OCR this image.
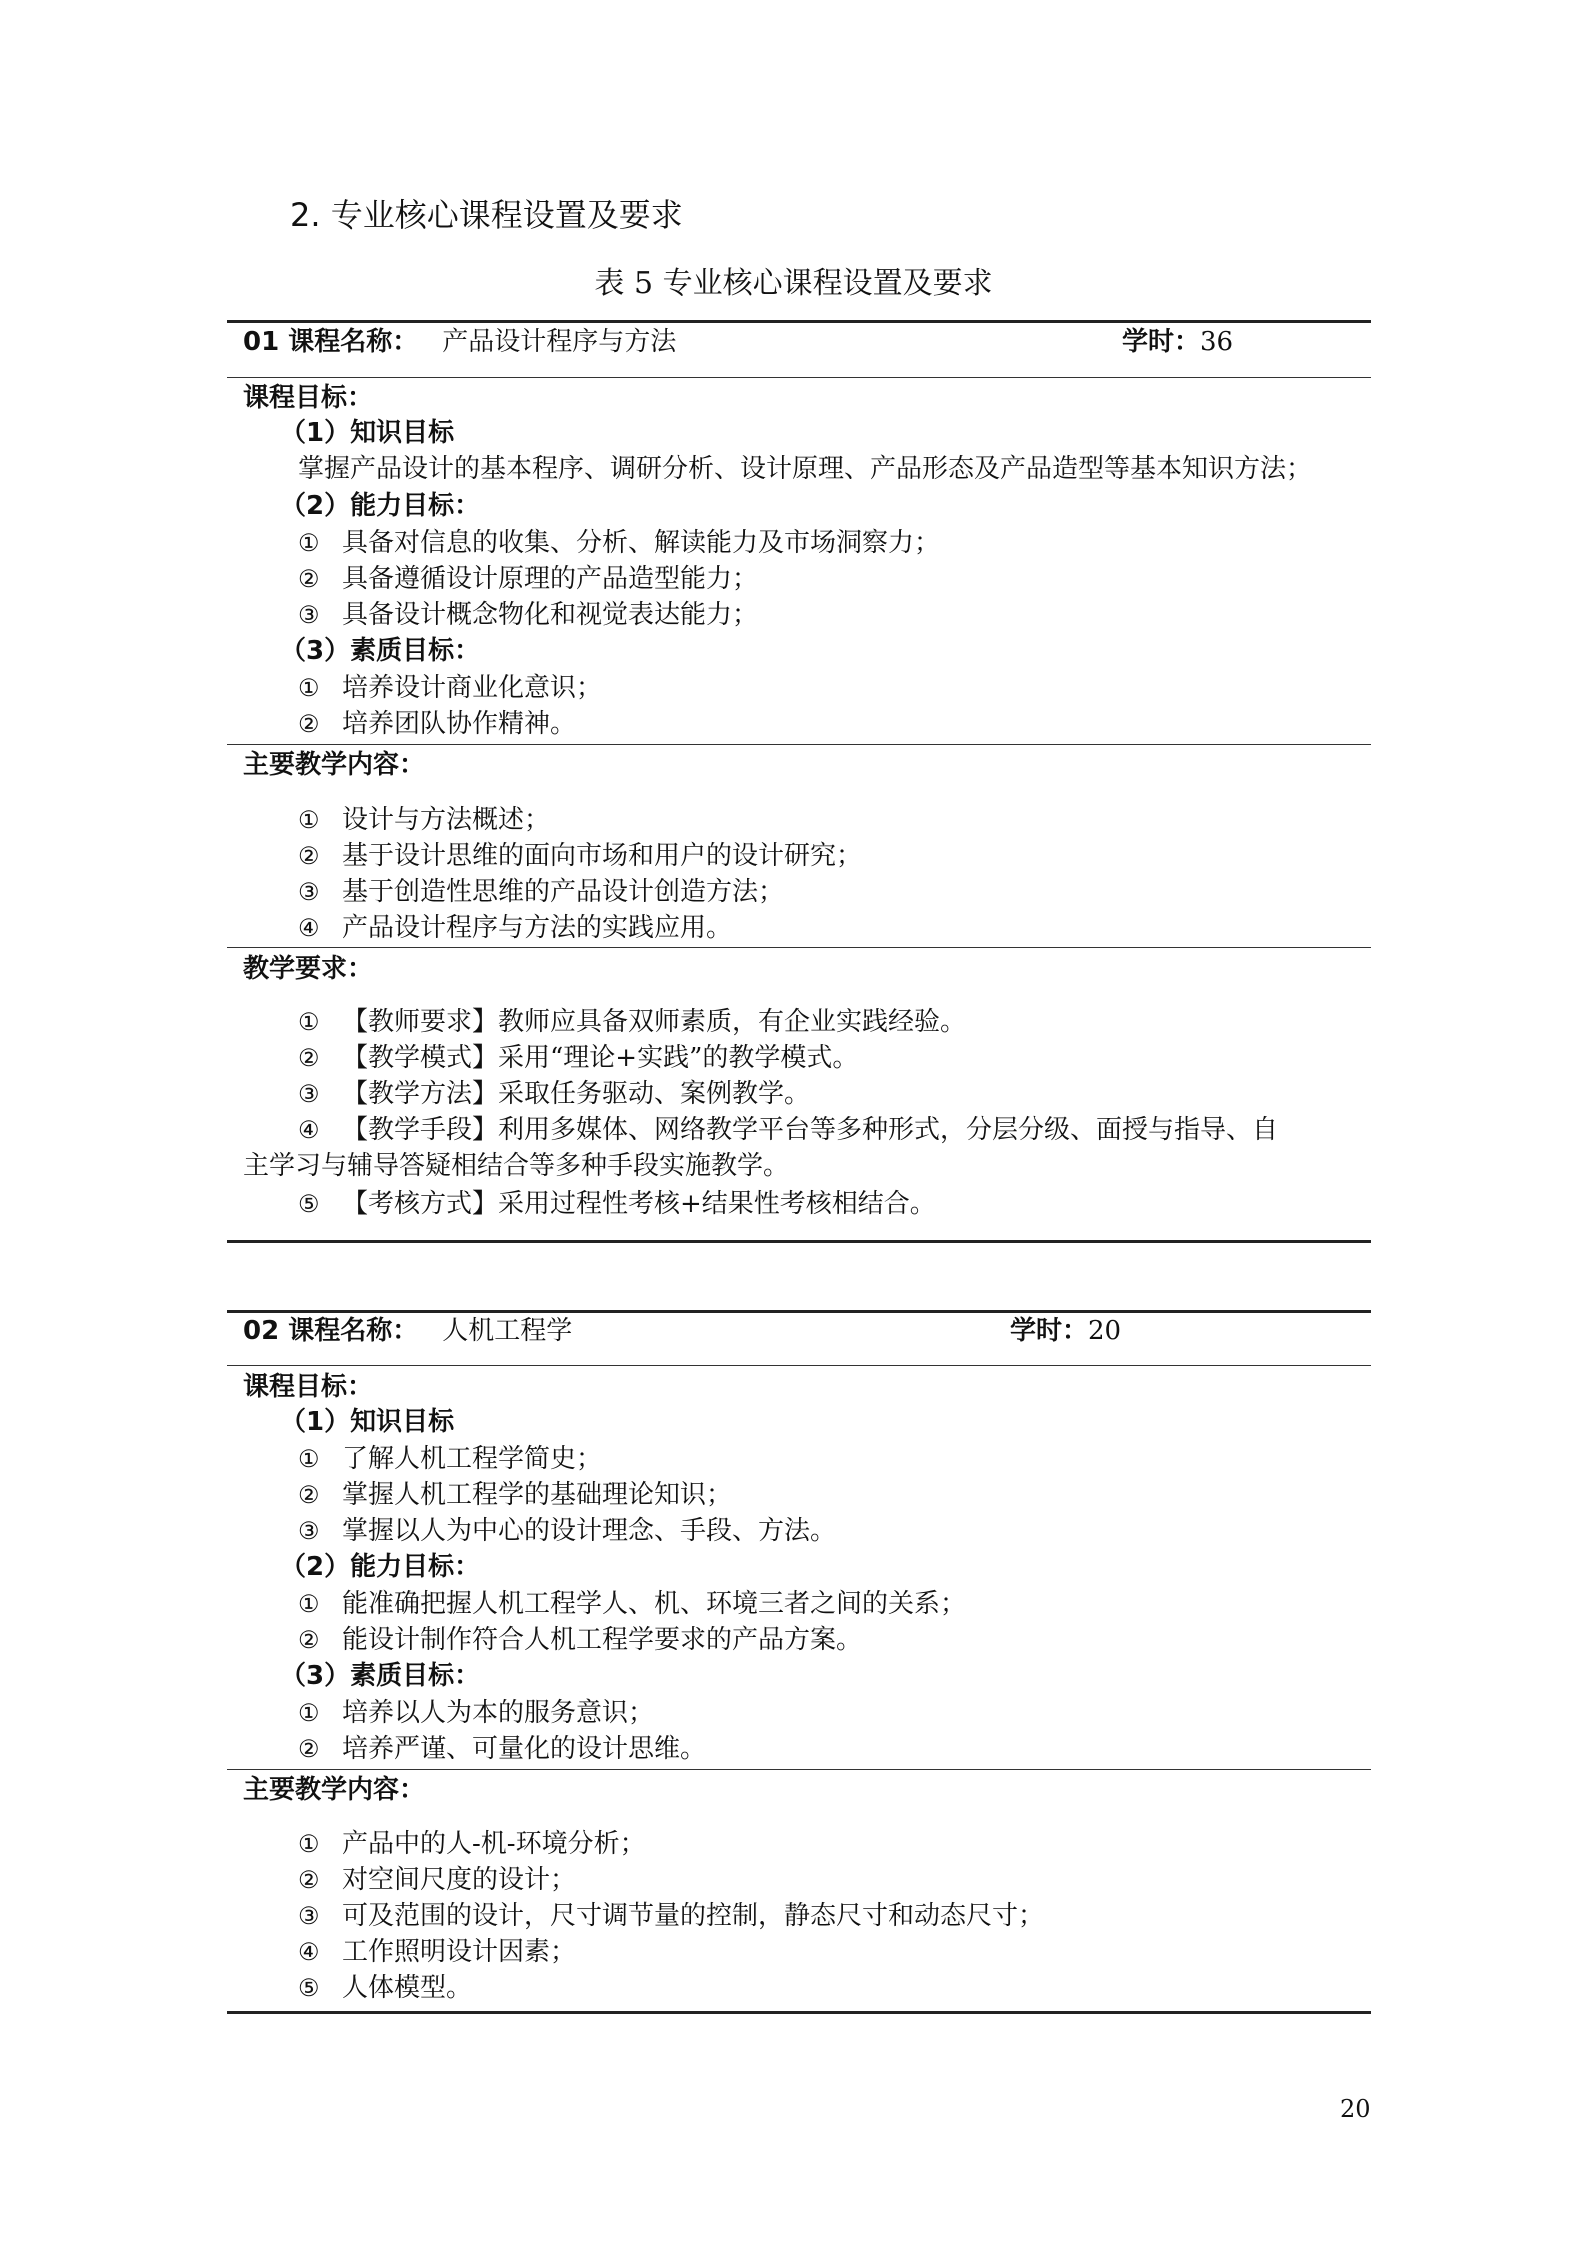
2. 专业核心课程设置及要求
表 5 专业核心课程设置及要求
01 课程名称： 产品设计程序与方法	学时：36
课程目标：
（1）知识目标
掌握产品设计的基本程序、调研分析、设计原理、产品形态及产品造型等基本知识方法；
（2）能力目标：
① 具备对信息的收集、分析、解读能力及市场洞察力；
② 具备遵循设计原理的产品造型能力；
③ 具备设计概念物化和视觉表达能力；
（3）素质目标：
① 培养设计商业化意识；
② 培养团队协作精神。
主要教学内容：
① 设计与方法概述；
② 基于设计思维的面向市场和用户的设计研究；
③ 基于创造性思维的产品设计创造方法；
④ 产品设计程序与方法的实践应用。
教学要求：
① 【教师要求】教师应具备双师素质，有企业实践经验。
② 【教学模式】采用“理论+实践”的教学模式。
③ 【教学方法】采取任务驱动、案例教学。
④ 【教学手段】利用多媒体、网络教学平台等多种形式，分层分级、面授与指导、自
主学习与辅导答疑相结合等多种手段实施教学。
⑤ 【考核方式】采用过程性考核+结果性考核相结合。
02 课程名称： 人机工程学	学时：20
课程目标：
（1）知识目标
① 了解人机工程学简史；
② 掌握人机工程学的基础理论知识；
③ 掌握以人为中心的设计理念、手段、方法。
（2）能力目标：
① 能准确把握人机工程学人、机、环境三者之间的关系；
② 能设计制作符合人机工程学要求的产品方案。
（3）素质目标：
① 培养以人为本的服务意识；
② 培养严谨、可量化的设计思维。
主要教学内容：
① 产品中的人-机-环境分析；
② 对空间尺度的设计；
③ 可及范围的设计，尺寸调节量的控制，静态尺寸和动态尺寸；
④ 工作照明设计因素；
⑤ 人体模型。
20
